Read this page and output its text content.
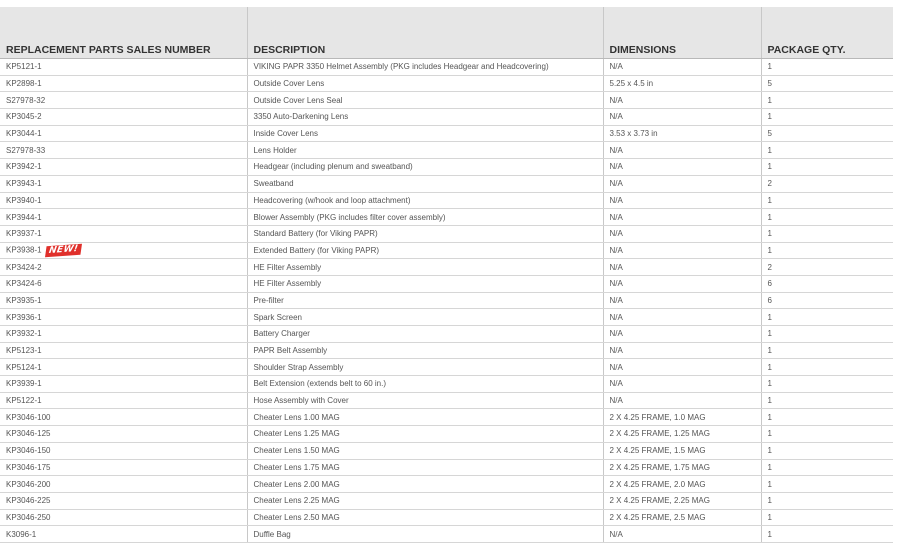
REPLACEMENT PARTS SALES NUMBER	DESCRIPTION	DIMENSIONS	PACKAGE QTY.
KP5121-1	VIKING PAPR 3350 Helmet Assembly (PKG includes Headgear and Headcovering)	N/A	1
KP2898-1	Outside Cover Lens	5.25 x 4.5 in	5
S27978-32	Outside Cover Lens Seal	N/A	1
KP3045-2	3350 Auto-Darkening Lens	N/A	1
KP3044-1	Inside Cover Lens	3.53 x 3.73 in	5
S27978-33	Lens Holder	N/A	1
KP3942-1	Headgear (including plenum and sweatband)	N/A	1
KP3943-1	Sweatband	N/A	2
KP3940-1	Headcovering (w/hook and loop attachment)	N/A	1
KP3944-1	Blower Assembly (PKG includes filter cover assembly)	N/A	1
KP3937-1	Standard Battery (for Viking PAPR)	N/A	1
KP3938-1 NEW!	Extended Battery (for Viking PAPR)	N/A	1
KP3424-2	HE Filter Assembly	N/A	2
KP3424-6	HE Filter Assembly	N/A	6
KP3935-1	Pre-filter	N/A	6
KP3936-1	Spark Screen	N/A	1
KP3932-1	Battery Charger	N/A	1
KP5123-1	PAPR Belt Assembly	N/A	1
KP5124-1	Shoulder Strap Assembly	N/A	1
KP3939-1	Belt Extension (extends belt to 60 in.)	N/A	1
KP5122-1	Hose Assembly with Cover	N/A	1
KP3046-100	Cheater Lens 1.00 MAG	2 X 4.25 FRAME, 1.0 MAG	1
KP3046-125	Cheater Lens 1.25 MAG	2 X 4.25 FRAME, 1.25 MAG	1
KP3046-150	Cheater Lens 1.50 MAG	2 X 4.25 FRAME, 1.5 MAG	1
KP3046-175	Cheater Lens 1.75 MAG	2 X 4.25 FRAME, 1.75 MAG	1
KP3046-200	Cheater Lens 2.00 MAG	2 X 4.25 FRAME, 2.0 MAG	1
KP3046-225	Cheater Lens 2.25 MAG	2 X 4.25 FRAME, 2.25 MAG	1
KP3046-250	Cheater Lens 2.50 MAG	2 X 4.25 FRAME, 2.5 MAG	1
K3096-1	Duffle Bag	N/A	1
